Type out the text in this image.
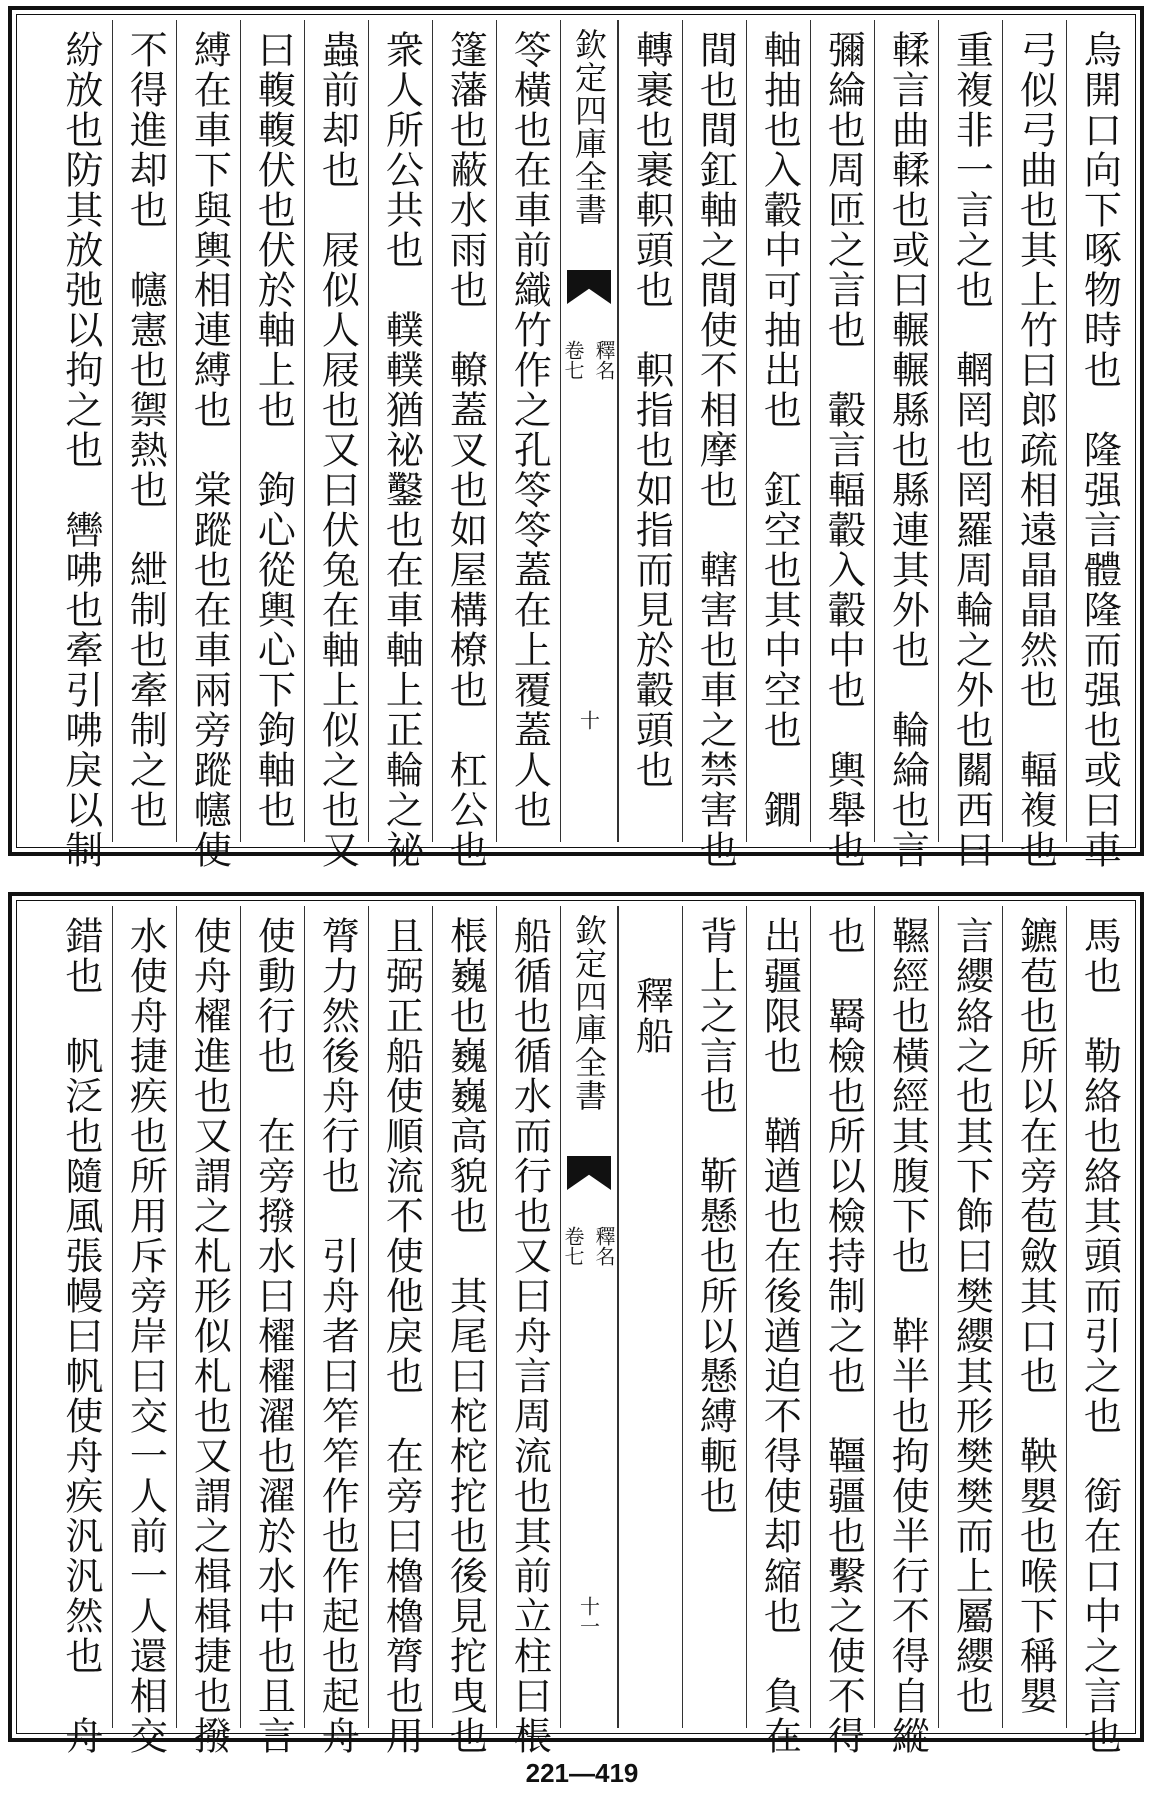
烏開口向下啄物時也　隆强言體隆而强也或曰車
弓似弓曲也其上竹曰郎疏相遠晶晶然也　輻複也
重複非一言之也　輞罔也罔羅周輪之外也關西曰
輮言曲輮也或曰輾輾縣也縣連其外也　輪綸也言
彌綸也周匝之言也　轂言輻轂入轂中也　輿舉也
軸抽也入轂中可抽出也　釭空也其中空也　鐗
間也間釭軸之間使不相摩也　轄害也車之禁害也
轉裹也裹軹頭也　軹指也如指而見於轂頭也
欽定四庫全書
釋名
卷七
十
笭橫也在車前織竹作之孔笭笭蓋在上覆蓋人也
篷藩也蔽水雨也　轑蓋叉也如屋構橑也　杠公也
衆人所公共也　轐轐猶祕鑿也在車軸上正輪之祕
蟲前却也　屐似人屐也又曰伏兔在軸上似之也又
曰輹輹伏也伏於軸上也　鉤心從輿心下鉤軸也
縛在車下與輿相連縛也　棠蹤也在車兩旁蹤幰使
不得進却也　幰憲也禦熱也　紲制也牽制之也
紛放也防其放弛以拘之也　轡咈也牽引咈戾以制
馬也　勒絡也絡其頭而引之也　銜在口中之言也
鑣苞也所以在旁苞斂其口也　鞅嬰也喉下稱嬰
言纓絡之也其下飾曰樊纓其形樊樊而上屬纓也
韅經也橫經其腹下也　靽半也拘使半行不得自縱
也　羇檢也所以檢持制之也　韁疆也繫之使不得
出疆限也　鞧遒也在後遒迫不得使却縮也　負在
背上之言也　靳懸也所以懸縛軛也
釋船
欽定四庫全書
釋名
卷七
十一
船循也循水而行也又曰舟言周流也其前立柱曰棖
棖巍也巍巍高貌也　其尾曰柁柁拕也後見拕曳也
且弼正船使順流不使他戾也　在旁曰櫓櫓膂也用
膂力然後舟行也　引舟者曰笮笮作也作起也起舟
使動行也　在旁撥水曰櫂櫂濯也濯於水中也且言
使舟櫂進也又謂之札形似札也又謂之楫楫捷也撥
水使舟捷疾也所用斥旁岸曰交一人前一人還相交
錯也　帆泛也隨風張幔曰帆使舟疾汎汎然也　舟
221—419
